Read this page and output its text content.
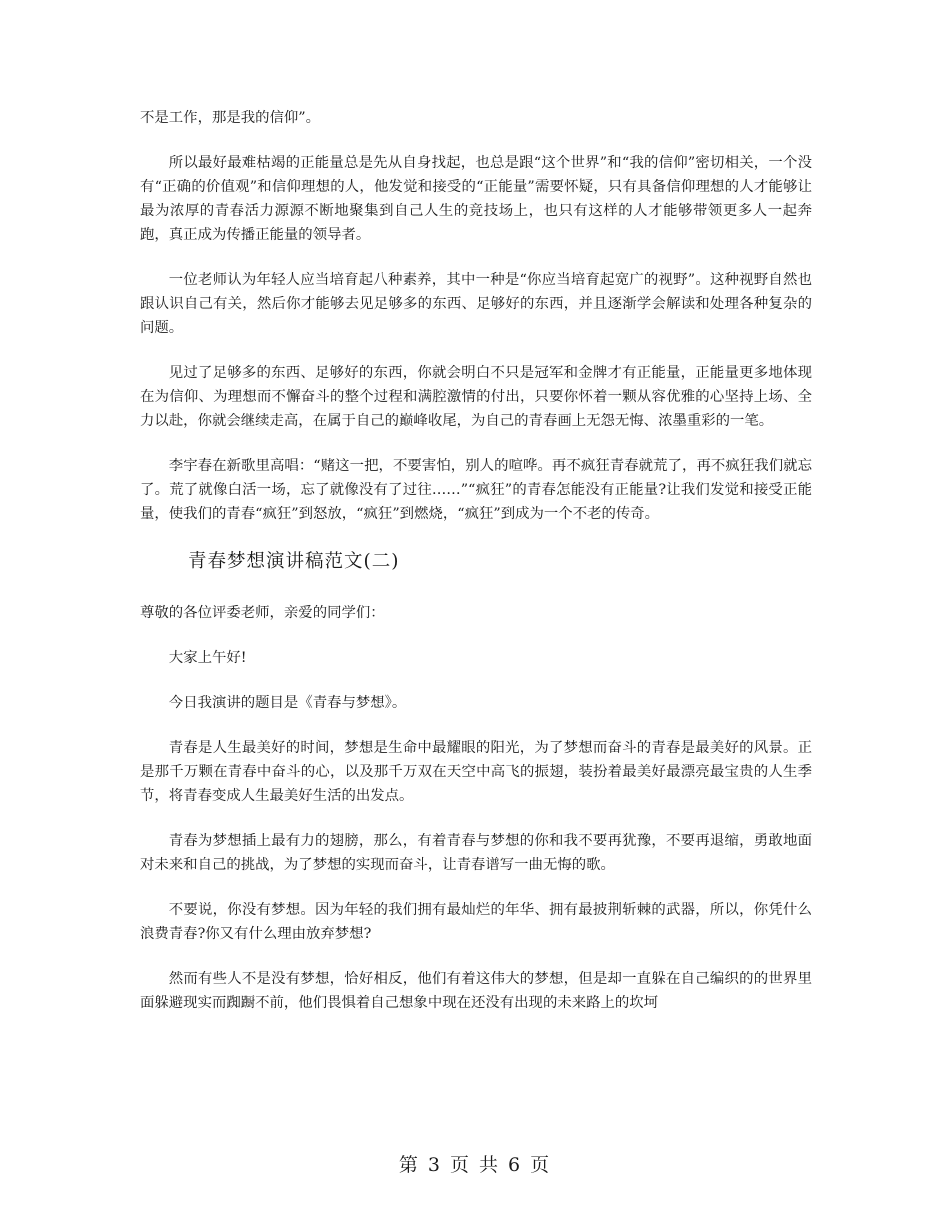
不是工作，那是我的信仰”。

所以最好最难枯竭的正能量总是先从自身找起，也总是跟“这个世界”和“我的信仰”密切相关，一个没有“正确的价值观”和信仰理想的人，他发觉和接受的“正能量”需要怀疑，只有具备信仰理想的人才能够让最为浓厚的青春活力源源不断地聚集到自己人生的竞技场上，也只有这样的人才能够带领更多人一起奔跑，真正成为传播正能量的领导者。

一位老师认为年轻人应当培育起八种素养，其中一种是“你应当培育起宽广的视野”。这种视野自然也跟认识自己有关，然后你才能够去见足够多的东西、足够好的东西，并且逐渐学会解读和处理各种复杂的问题。

见过了足够多的东西、足够好的东西，你就会明白不只是冠军和金牌才有正能量，正能量更多地体现在为信仰、为理想而不懈奋斗的整个过程和满腔激情的付出，只要你怀着一颗从容优雅的心坚持上场、全力以赴，你就会继续走高，在属于自己的巅峰收尾，为自己的青春画上无怨无悔、浓墨重彩的一笔。

李宇春在新歌里高唱：“赌这一把，不要害怕，别人的喧哗。再不疯狂青春就荒了，再不疯狂我们就忘了。荒了就像白活一场，忘了就像没有了过往……”“疯狂”的青春怎能没有正能量?让我们发觉和接受正能量，使我们的青春“疯狂”到怒放，“疯狂”到燃烧，“疯狂”到成为一个不老的传奇。

青春梦想演讲稿范文(二)

尊敬的各位评委老师，亲爱的同学们：

大家上午好!

今日我演讲的题目是《青春与梦想》。

青春是人生最美好的时间，梦想是生命中最耀眼的阳光，为了梦想而奋斗的青春是最美好的风景。正是那千万颗在青春中奋斗的心，以及那千万双在天空中高飞的振翅，装扮着最美好最漂亮最宝贵的人生季节，将青春变成人生最美好生活的出发点。

青春为梦想插上最有力的翅膀，那么，有着青春与梦想的你和我不要再犹豫，不要再退缩，勇敢地面对未来和自己的挑战，为了梦想的实现而奋斗，让青春谱写一曲无悔的歌。

不要说，你没有梦想。因为年轻的我们拥有最灿烂的年华、拥有最披荆斩棘的武器，所以，你凭什么浪费青春?你又有什么理由放弃梦想?

然而有些人不是没有梦想，恰好相反，他们有着这伟大的梦想，但是却一直躲在自己编织的的世界里面躲避现实而踟蹰不前，他们畏惧着自己想象中现在还没有出现的未来路上的坎坷

第 3 页 共 6 页
